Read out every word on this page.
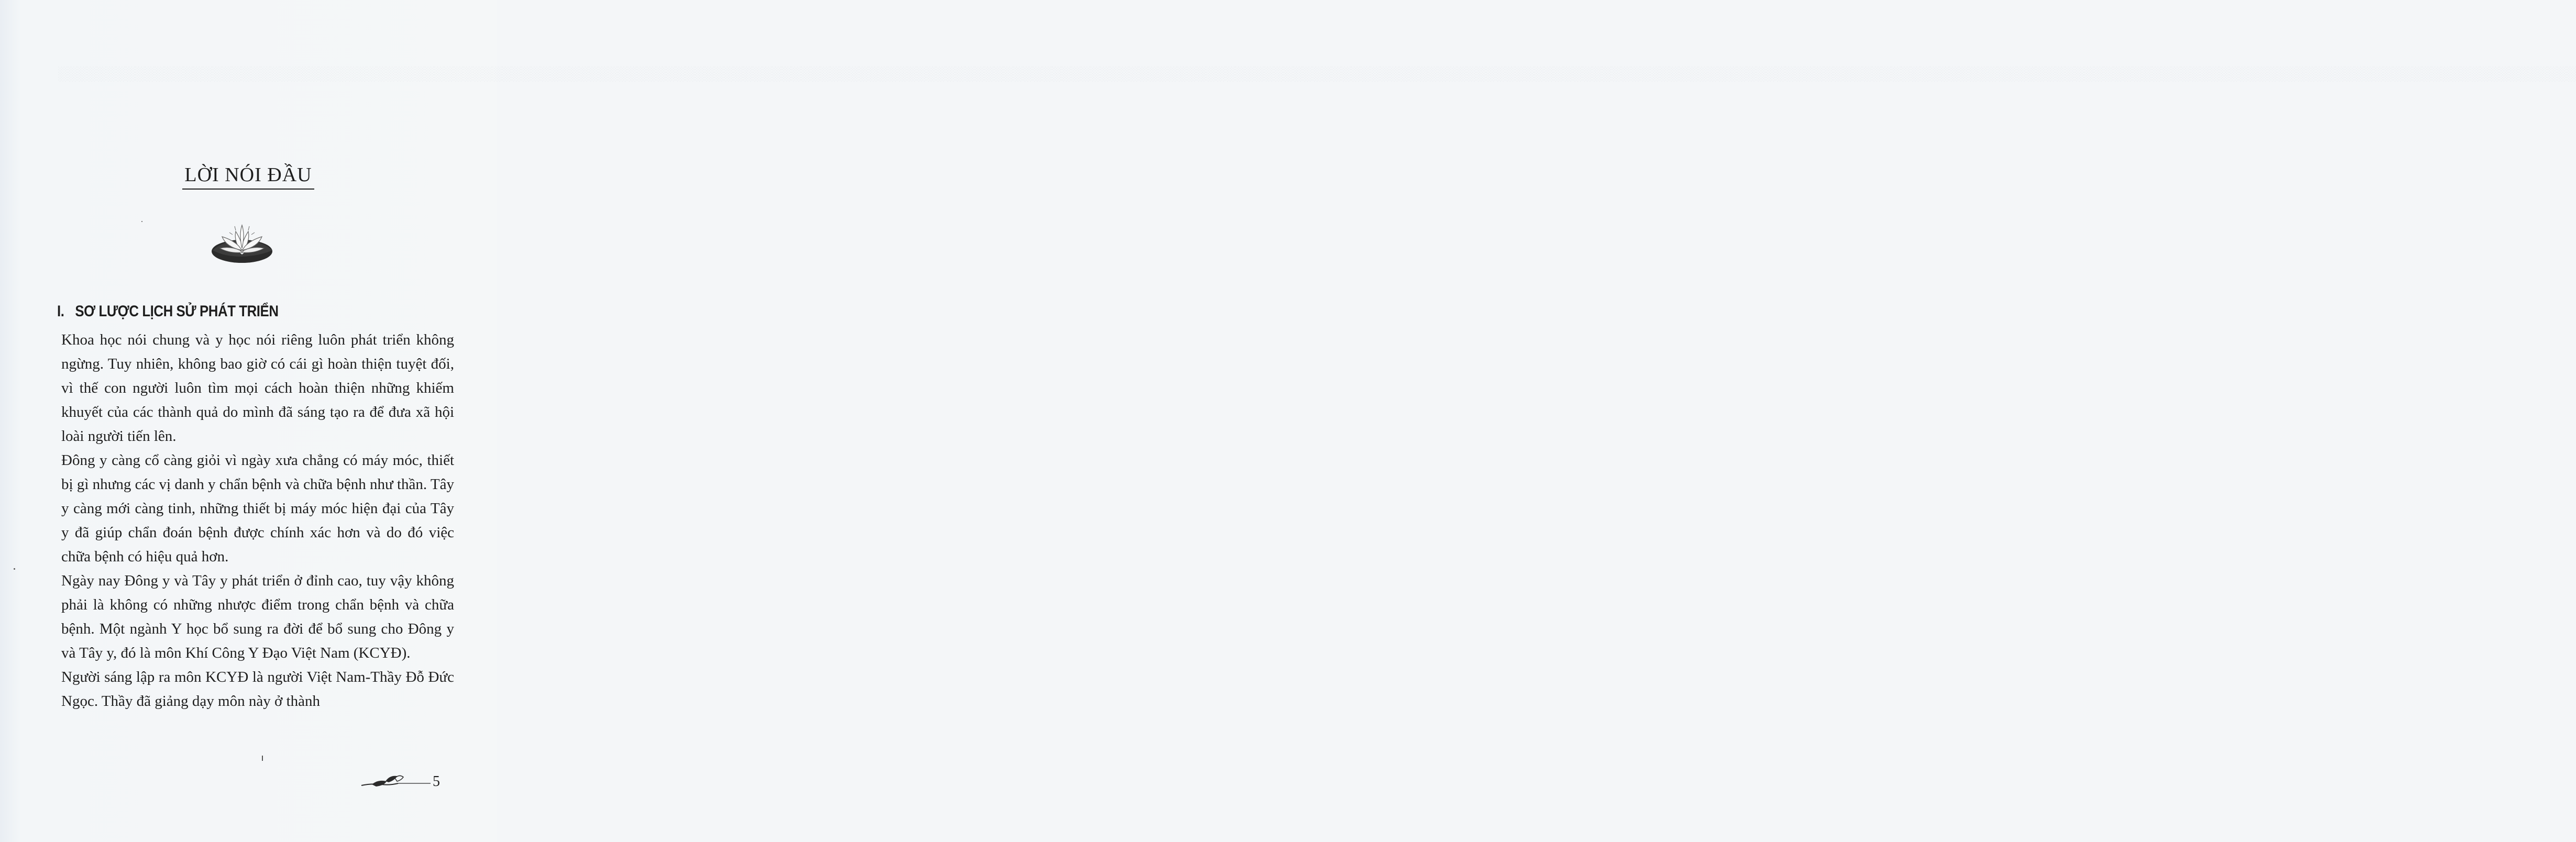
░░░░░░░░░░░░░░░░░░░░░░░░░░░░░░░░░░░░░░░░░░░░░░░░░░░░░░░░░░░░░░░░░░░░░░░░░░░░░░░░░░░░░░░░░░░░░░░░░░░░░░░░░░░░░░░░░░░░░░░░░░░░░░░░░░░░░░░░░░░░░░░░░░░░░░░░░░░░░░░░░░░░░░░░░░░░░░░░░░░░░░░░░░░░░░░░░░░░░░░░░░░░░░░░░░░░░░░░░░░░░░░░░░░░░░░░░░░░░░░░░░░░░░░░░░░░░░░░░░░░░
LỜI NÓI ĐẦU
I. SƠ LƯỢC LỊCH SỬ PHÁT TRIỂN

Khoa học nói chung và y học nói riêng luôn phát triển không ngừng. Tuy nhiên, không bao giờ có cái gì hoàn thiện tuyệt đối, vì thế con người luôn tìm mọi cách hoàn thiện những khiếm khuyết của các thành quả do mình đã sáng tạo ra để đưa xã hội loài người tiến lên.

Đông y càng cổ càng giỏi vì ngày xưa chẳng có máy móc, thiết bị gì nhưng các vị danh y chẩn bệnh và chữa bệnh như thần. Tây y càng mới càng tinh, những thiết bị máy móc hiện đại của Tây y đã giúp chẩn đoán bệnh được chính xác hơn và do đó việc chữa bệnh có hiệu quả hơn.

Ngày nay Đông y và Tây y phát triển ở đỉnh cao, tuy vậy không phải là không có những nhược điểm trong chẩn bệnh và chữa bệnh. Một ngành Y học bổ sung ra đời để bổ sung cho Đông y và Tây y, đó là môn Khí Công Y Đạo Việt Nam (KCYĐ).

Người sáng lập ra môn KCYĐ là người Việt Nam-Thầy Đỗ Đức Ngọc. Thầy đã giảng dạy môn này ở thành

5
